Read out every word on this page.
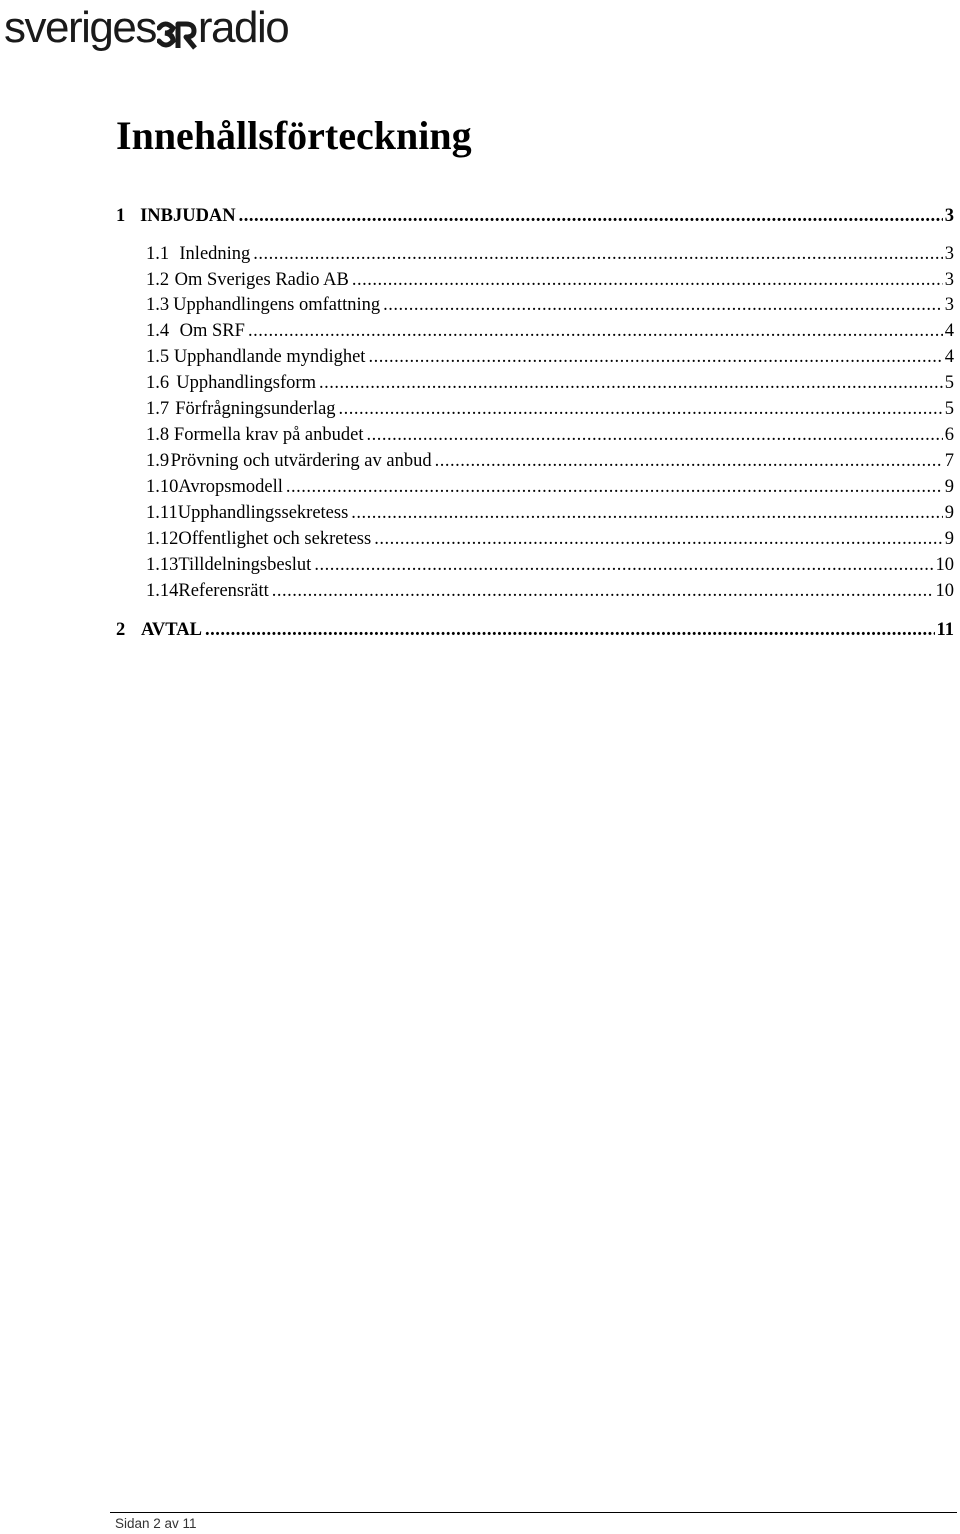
sveriges radio
Innehållsförteckning
1 INBJUDAN .....	3
1.1 Inledning .....	3
1.2 Om Sveriges Radio AB .....	3
1.3 Upphandlingens omfattning .....	3
1.4 Om SRF .....	4
1.5 Upphandlande myndighet .....	4
1.6 Upphandlingsform .....	5
1.7 Förfrågningsunderlag .....	5
1.8 Formella krav på anbudet .....	6
1.9 Prövning och utvärdering av anbud .....	7
1.10 Avropsmodell .....	9
1.11 Upphandlingssekretess .....	9
1.12 Offentlighet och sekretess .....	9
1.13 Tilldelningsbeslut .....	10
1.14 Referensrätt .....	10
2 AVTAL .....	11
Sidan 2 av 11
